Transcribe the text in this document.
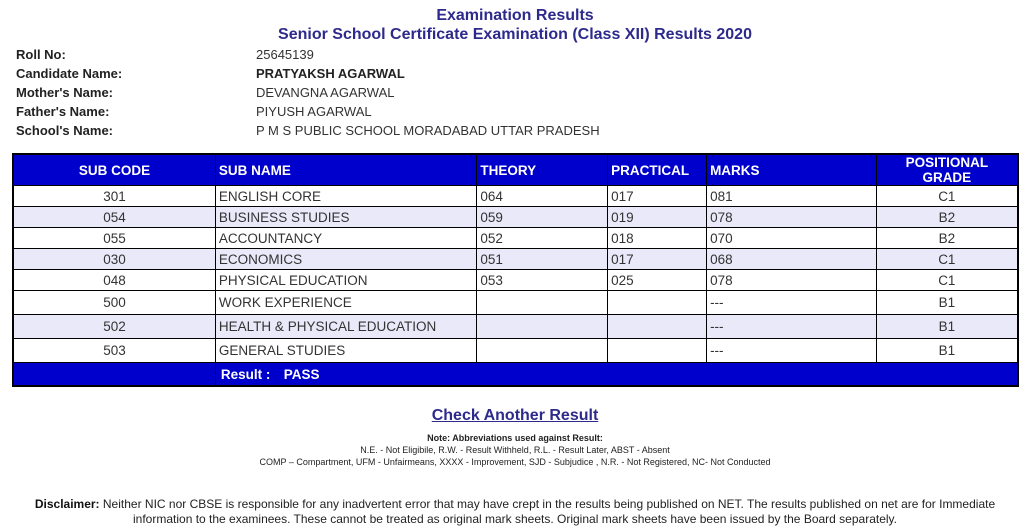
Examination Results
Senior School Certificate Examination (Class XII) Results 2020
Roll No:	25645139
Candidate Name:	PRATYAKSH AGARWAL
Mother's Name:	DEVANGNA AGARWAL
Father's Name:	PIYUSH AGARWAL
School's Name:	P M S PUBLIC SCHOOL MORADABAD UTTAR PRADESH
SUB CODE	SUB NAME	THEORY	PRACTICAL	MARKS	POSITIONAL GRADE
301	ENGLISH CORE	064	017	081	C1
054	BUSINESS STUDIES	059	019	078	B2
055	ACCOUNTANCY	052	018	070	B2
030	ECONOMICS	051	017	068	C1
048	PHYSICAL EDUCATION	053	025	078	C1
500	WORK EXPERIENCE			---	B1
502	HEALTH & PHYSICAL EDUCATION			---	B1
503	GENERAL STUDIES			---	B1
	Result : PASS				
Check Another Result
Note: Abbreviations used against Result:
N.E. - Not Eligibile, R.W. - Result Withheld, R.L. - Result Later, ABST - Absent
COMP – Compartment, UFM - Unfairmeans, XXXX - Improvement, SJD - Subjudice , N.R. - Not Registered, NC- Not Conducted
Disclaimer: Neither NIC nor CBSE is responsible for any inadvertent error that may have crept in the results being published on NET. The results published on net are for Immediate information to the examinees. These cannot be treated as original mark sheets. Original mark sheets have been issued by the Board separately.
